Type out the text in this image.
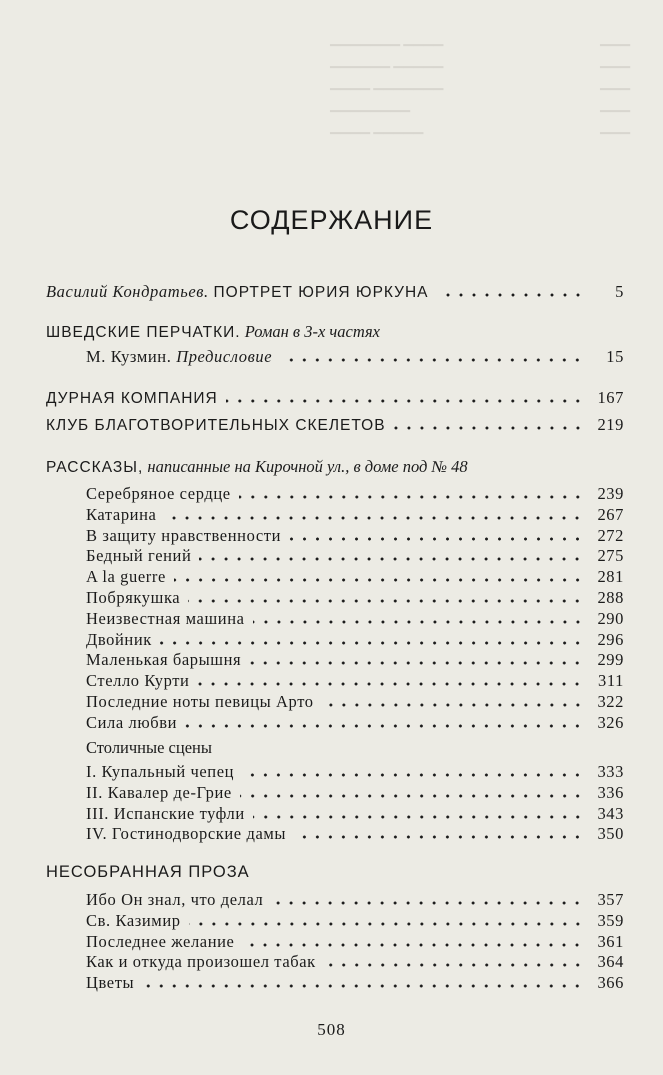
▁▁▁▁▁▁▁ ▁▁▁▁	▁▁▁
▁▁▁▁▁▁ ▁▁▁▁▁	▁▁▁
▁▁▁▁ ▁▁▁▁▁▁▁	▁▁▁
▁▁▁▁▁▁▁▁	▁▁▁
▁▁▁▁ ▁▁▁▁▁	▁▁▁
СОДЕРЖАНИЕ
Василий Кондратьев. ПОРТРЕТ ЮРИЯ ЮРКУНА	5
ШВЕДСКИЕ ПЕРЧАТКИ. Роман в 3-х частях
М. Кузмин. Предисловие	15
ДУРНАЯ КОМПАНИЯ	167
КЛУБ БЛАГОТВОРИТЕЛЬНЫХ СКЕЛЕТОВ	219
РАССКАЗЫ, написанные на Кирочной ул., в доме под № 48
Серебряное сердце	239
Катарина	267
В защиту нравственности	272
Бедный гений	275
A la guerre	281
Побрякушка	288
Неизвестная машина	290
Двойник	296
Маленькая барышня	299
Стелло Курти	311
Последние ноты певицы Арто	322
Сила любви	326
Столичные сцены
I. Купальный чепец	333
II. Кавалер де-Грие	336
III. Испанские туфли	343
IV. Гостинодворские дамы	350
НЕСОБРАННАЯ ПРОЗА
Ибо Он знал, что делал	357
Св. Казимир	359
Последнее желание	361
Как и откуда произошел табак	364
Цветы	366
508
